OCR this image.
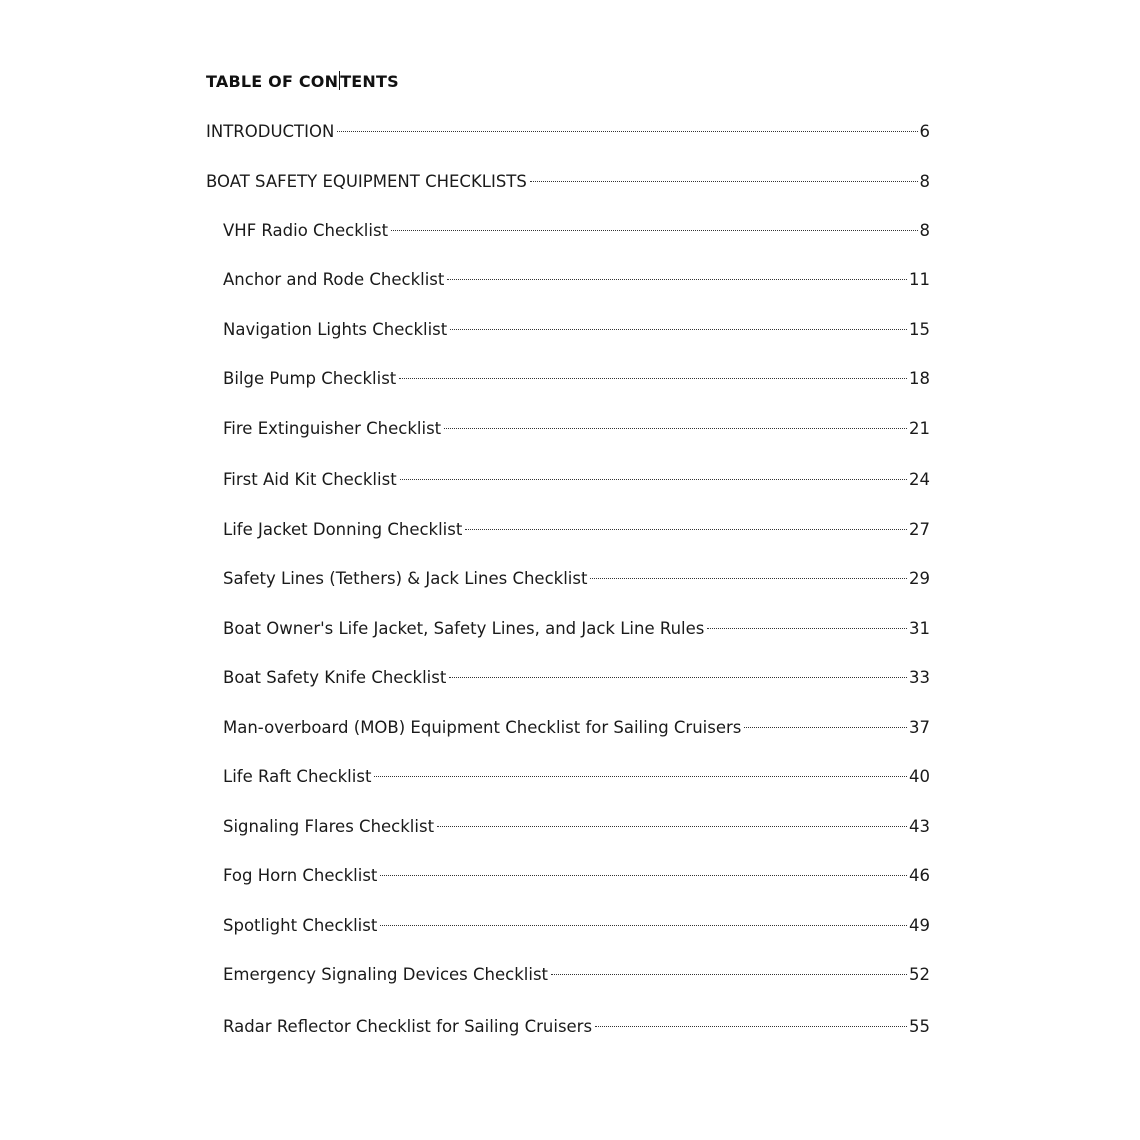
TABLE OF CON TENTS
INTRODUCTION	6
BOAT SAFETY EQUIPMENT CHECKLISTS	8
VHF Radio Checklist	8
Anchor and Rode Checklist	11
Navigation Lights Checklist	15
Bilge Pump Checklist	18
Fire Extinguisher Checklist	21
First Aid Kit Checklist	24
Life Jacket Donning Checklist	27
Safety Lines (Tethers) & Jack Lines Checklist	29
Boat Owner's Life Jacket, Safety Lines, and Jack Line Rules	31
Boat Safety Knife Checklist	33
Man-overboard (MOB) Equipment Checklist for Sailing Cruisers	37
Life Raft Checklist	40
Signaling Flares Checklist	43
Fog Horn Checklist	46
Spotlight Checklist	49
Emergency Signaling Devices Checklist	52
Radar Reflector Checklist for Sailing Cruisers	55
